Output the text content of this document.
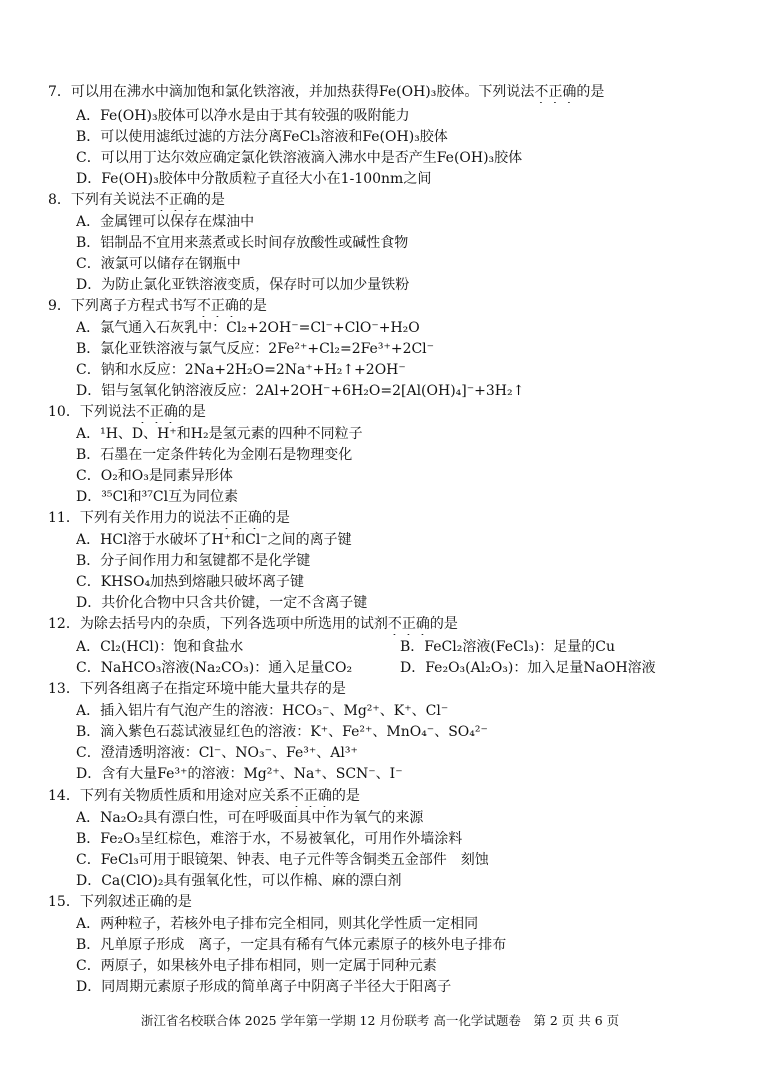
7．可以用在沸水中滴加饱和氯化铁溶液，并加热获得Fe(OH)₃胶体。下列说法不正确的是
A．Fe(OH)₃胶体可以净水是由于其有较强的吸附能力
B．可以使用滤纸过滤的方法分离FeCl₃溶液和Fe(OH)₃胶体
C．可以用丁达尔效应确定氯化铁溶液滴入沸水中是否产生Fe(OH)₃胶体
D．Fe(OH)₃胶体中分散质粒子直径大小在1-100nm之间
8．下列有关说法不正确的是
A．金属锂可以保存在煤油中
B．铝制品不宜用来蒸煮或长时间存放酸性或碱性食物
C．液氯可以储存在钢瓶中
D．为防止氯化亚铁溶液变质，保存时可以加少量铁粉
9．下列离子方程式书写不正确的是
A．氯气通入石灰乳中：Cl₂+2OH⁻=Cl⁻+ClO⁻+H₂O
B．氯化亚铁溶液与氯气反应：2Fe²⁺+Cl₂=2Fe³⁺+2Cl⁻
C．钠和水反应：2Na+2H₂O=2Na⁺+H₂↑+2OH⁻
D．铝与氢氧化钠溶液反应：2Al+2OH⁻+6H₂O=2[Al(OH)₄]⁻+3H₂↑
10．下列说法不正确的是
A．¹H、D、H⁺和H₂是氢元素的四种不同粒子
B．石墨在一定条件转化为金刚石是物理变化
C．O₂和O₃是同素异形体
D．³⁵Cl和³⁷Cl互为同位素
11．下列有关作用力的说法不正确的是
A．HCl溶于水破坏了H⁺和Cl⁻之间的离子键
B．分子间作用力和氢键都不是化学键
C．KHSO₄加热到熔融只破坏离子键
D．共价化合物中只含共价键，一定不含离子键
12．为除去括号内的杂质，下列各选项中所选用的试剂不正确的是
A．Cl₂(HCl)：饱和食盐水	B．FeCl₂溶液(FeCl₃)：足量的Cu
C．NaHCO₃溶液(Na₂CO₃)：通入足量CO₂	D．Fe₂O₃(Al₂O₃)：加入足量NaOH溶液
13．下列各组离子在指定环境中能大量共存的是
A．插入铝片有气泡产生的溶液：HCO₃⁻、Mg²⁺、K⁺、Cl⁻
B．滴入紫色石蕊试液显红色的溶液：K⁺、Fe²⁺、MnO₄⁻、SO₄²⁻
C．澄清透明溶液：Cl⁻、NO₃⁻、Fe³⁺、Al³⁺
D．含有大量Fe³⁺的溶液：Mg²⁺、Na⁺、SCN⁻、I⁻
14．下列有关物质性质和用途对应关系不正确的是
A．Na₂O₂具有漂白性，可在呼吸面具中作为氧气的来源
B．Fe₂O₃呈红棕色，难溶于水，不易被氧化，可用作外墙涂料
C．FeCl₃可用于眼镜架、钟表、电子元件等含铜类五金部件　刻蚀
D．Ca(ClO)₂具有强氧化性，可以作棉、麻的漂白剂
15．下列叙述正确的是
A．两种粒子，若核外电子排布完全相同，则其化学性质一定相同
B．凡单原子形成　离子，一定具有稀有气体元素原子的核外电子排布
C．两原子，如果核外电子排布相同，则一定属于同种元素
D．同周期元素原子形成的简单离子中阴离子半径大于阳离子
浙江省名校联合体 2025 学年第一学期 12 月份联考 高一化学试题卷　第 2 页 共 6 页
